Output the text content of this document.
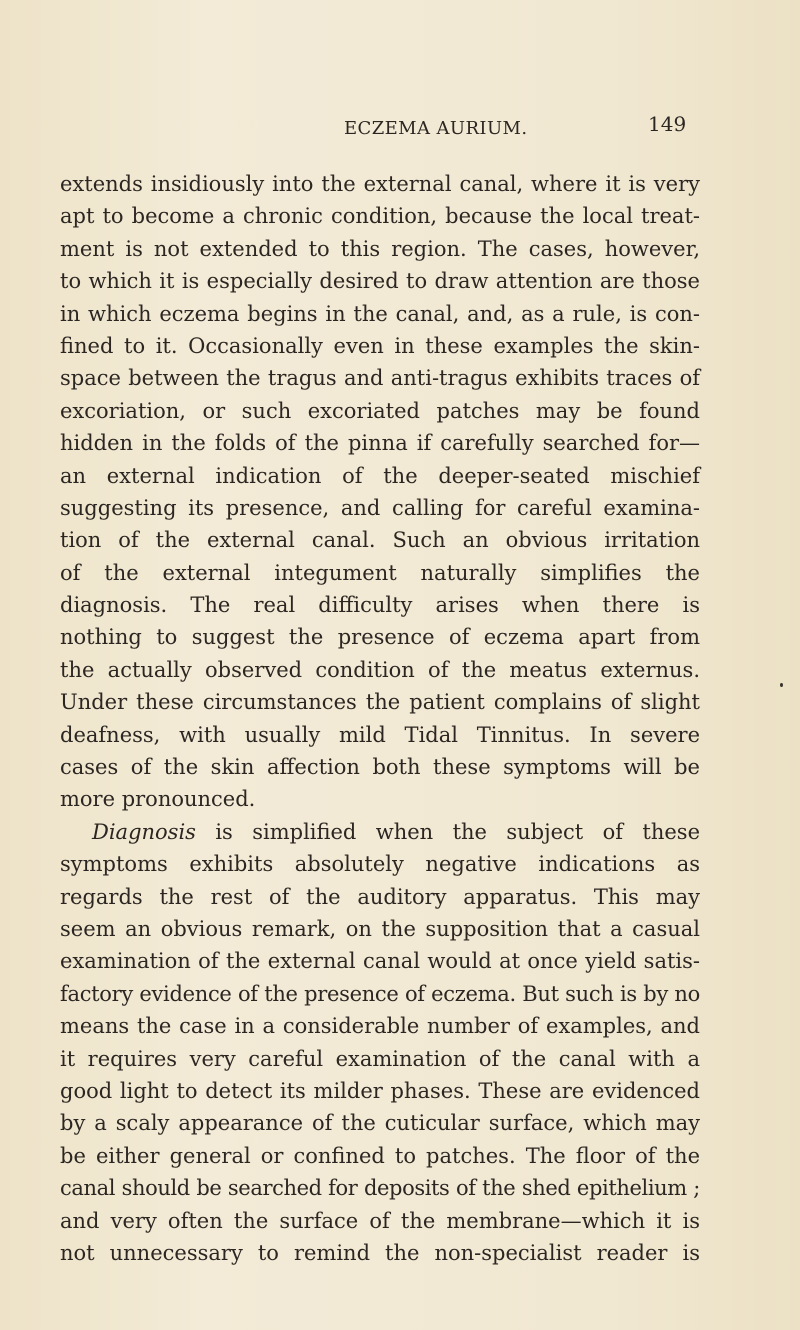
ECZEMA AURIUM.	149
extends insidiously into the external canal, where it is very
apt to become a chronic condition, because the local treat-
ment is not extended to this region. The cases, however,
to which it is especially desired to draw attention are those
in which eczema begins in the canal, and, as a rule, is con-
fined to it. Occasionally even in these examples the skin-
space between the tragus and anti-tragus exhibits traces of
excoriation, or such excoriated patches may be found
hidden in the folds of the pinna if carefully searched for—
an external indication of the deeper-seated mischief
suggesting its presence, and calling for careful examina-
tion of the external canal. Such an obvious irritation
of the external integument naturally simplifies the
diagnosis. The real difficulty arises when there is
nothing to suggest the presence of eczema apart from
the actually observed condition of the meatus externus.
Under these circumstances the patient complains of slight
deafness, with usually mild Tidal Tinnitus. In severe
cases of the skin affection both these symptoms will be
more pronounced.
Diagnosis is simplified when the subject of these
symptoms exhibits absolutely negative indications as
regards the rest of the auditory apparatus. This may
seem an obvious remark, on the supposition that a casual
examination of the external canal would at once yield satis-
factory evidence of the presence of eczema. But such is by no
means the case in a considerable number of examples, and
it requires very careful examination of the canal with a
good light to detect its milder phases. These are evidenced
by a scaly appearance of the cuticular surface, which may
be either general or confined to patches. The floor of the
canal should be searched for deposits of the shed epithelium ;
and very often the surface of the membrane—which it is
not unnecessary to remind the non-specialist reader is
